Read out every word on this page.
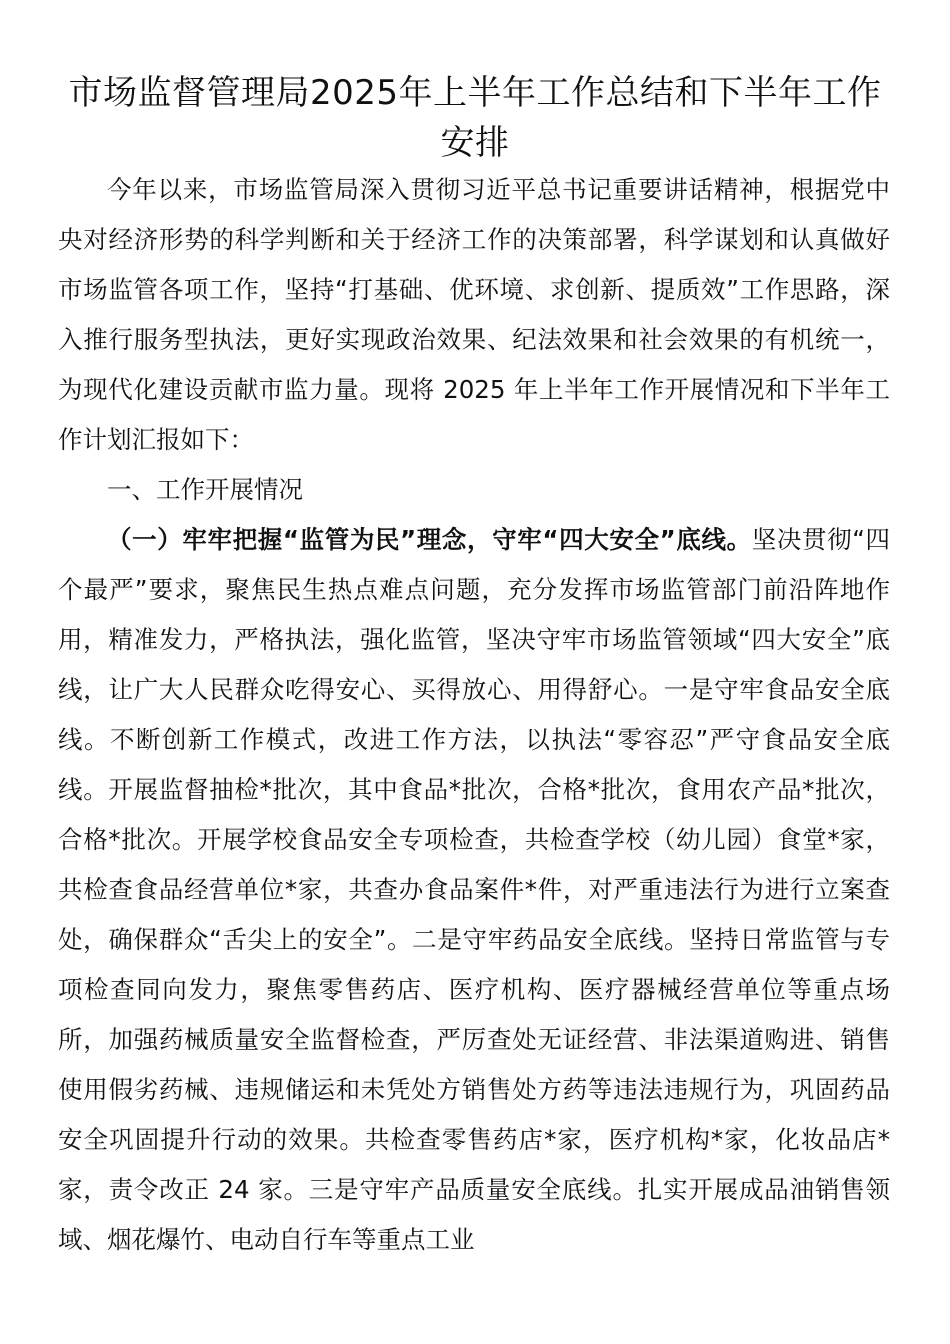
市场监督管理局2025年上半年工作总结和下半年工作安排

今年以来，市场监管局深入贯彻习近平总书记重要讲话精神，根据党中央对经济形势的科学判断和关于经济工作的决策部署，科学谋划和认真做好市场监管各项工作，坚持“打基础、优环境、求创新、提质效”工作思路，深入推行服务型执法，更好实现政治效果、纪法效果和社会效果的有机统一，为现代化建设贡献市监力量。现将 2025 年上半年工作开展情况和下半年工作计划汇报如下：

一、工作开展情况

（一）牢牢把握“监管为民”理念，守牢“四大安全”底线。坚决贯彻“四个最严”要求，聚焦民生热点难点问题，充分发挥市场监管部门前沿阵地作用，精准发力，严格执法，强化监管，坚决守牢市场监管领域“四大安全”底线，让广大人民群众吃得安心、买得放心、用得舒心。一是守牢食品安全底线。不断创新工作模式，改进工作方法，以执法“零容忍”严守食品安全底线。开展监督抽检*批次，其中食品*批次，合格*批次，食用农产品*批次，合格*批次。开展学校食品安全专项检查，共检查学校（幼儿园）食堂*家，共检查食品经营单位*家，共查办食品案件*件，对严重违法行为进行立案查处，确保群众“舌尖上的安全”。二是守牢药品安全底线。坚持日常监管与专项检查同向发力，聚焦零售药店、医疗机构、医疗器械经营单位等重点场所，加强药械质量安全监督检查，严厉查处无证经营、非法渠道购进、销售使用假劣药械、违规储运和未凭处方销售处方药等违法违规行为，巩固药品安全巩固提升行动的效果。共检查零售药店*家，医疗机构*家，化妆品店*家，责令改正 24 家。三是守牢产品质量安全底线。扎实开展成品油销售领域、烟花爆竹、电动自行车等重点工业
